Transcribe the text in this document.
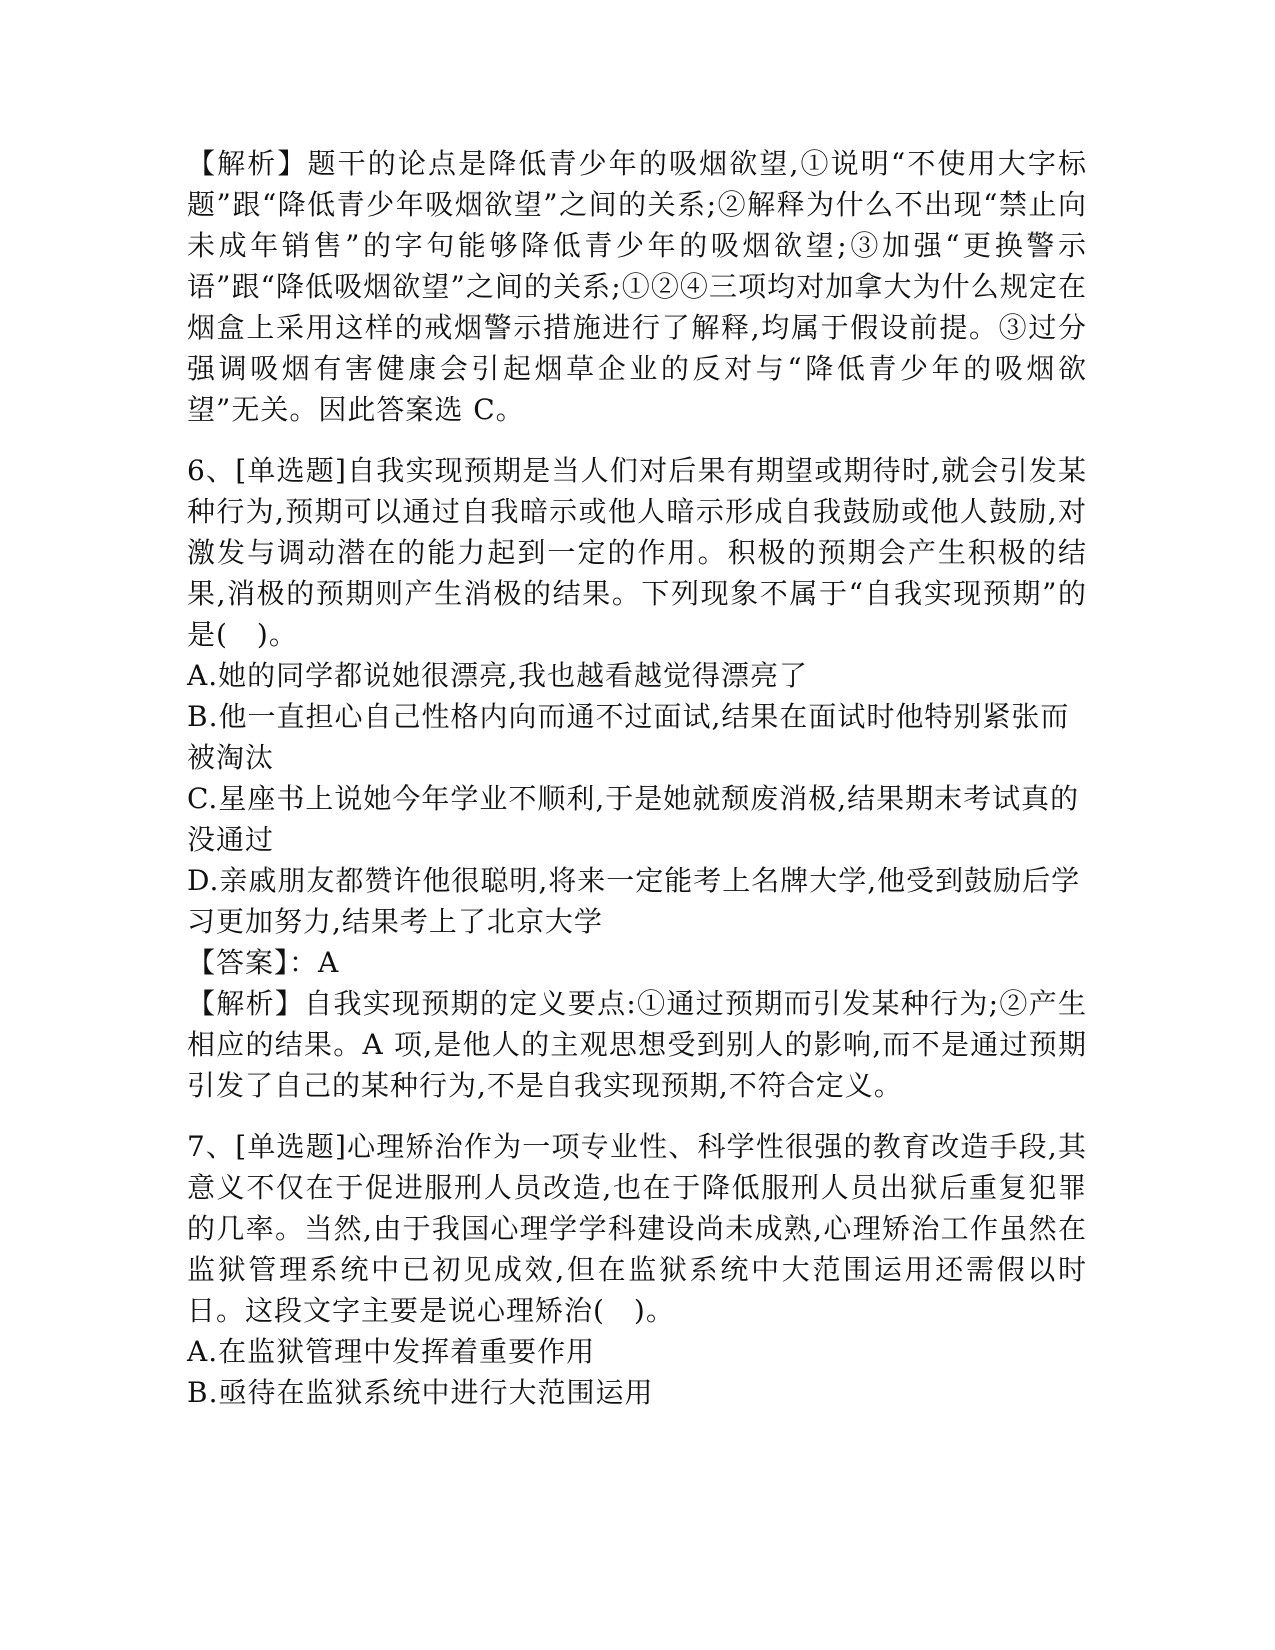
【解析】题干的论点是降低青少年的吸烟欲望,①说明“不使用大字标题”跟“降低青少年吸烟欲望”之间的关系;②解释为什么不出现“禁止向未成年销售”的字句能够降低青少年的吸烟欲望;③加强“更换警示语”跟“降低吸烟欲望”之间的关系;①②④三项均对加拿大为什么规定在烟盒上采用这样的戒烟警示措施进行了解释,均属于假设前提。③过分强调吸烟有害健康会引起烟草企业的反对与“降低青少年的吸烟欲望”无关。因此答案选 C。

6、[单选题]自我实现预期是当人们对后果有期望或期待时,就会引发某种行为,预期可以通过自我暗示或他人暗示形成自我鼓励或他人鼓励,对激发与调动潜在的能力起到一定的作用。积极的预期会产生积极的结果,消极的预期则产生消极的结果。下列现象不属于“自我实现预期”的是(　)。

A.她的同学都说她很漂亮,我也越看越觉得漂亮了

B.他一直担心自己性格内向而通不过面试,结果在面试时他特别紧张而被淘汰

C.星座书上说她今年学业不顺利,于是她就颓废消极,结果期末考试真的没通过

D.亲戚朋友都赞许他很聪明,将来一定能考上名牌大学,他受到鼓励后学习更加努力,结果考上了北京大学

【答案】：A

【解析】自我实现预期的定义要点:①通过预期而引发某种行为;②产生相应的结果。A 项,是他人的主观思想受到别人的影响,而不是通过预期引发了自己的某种行为,不是自我实现预期,不符合定义。

7、[单选题]心理矫治作为一项专业性、科学性很强的教育改造手段,其意义不仅在于促进服刑人员改造,也在于降低服刑人员出狱后重复犯罪的几率。当然,由于我国心理学学科建设尚未成熟,心理矫治工作虽然在监狱管理系统中已初见成效,但在监狱系统中大范围运用还需假以时日。这段文字主要是说心理矫治(　)。

A.在监狱管理中发挥着重要作用

B.亟待在监狱系统中进行大范围运用
